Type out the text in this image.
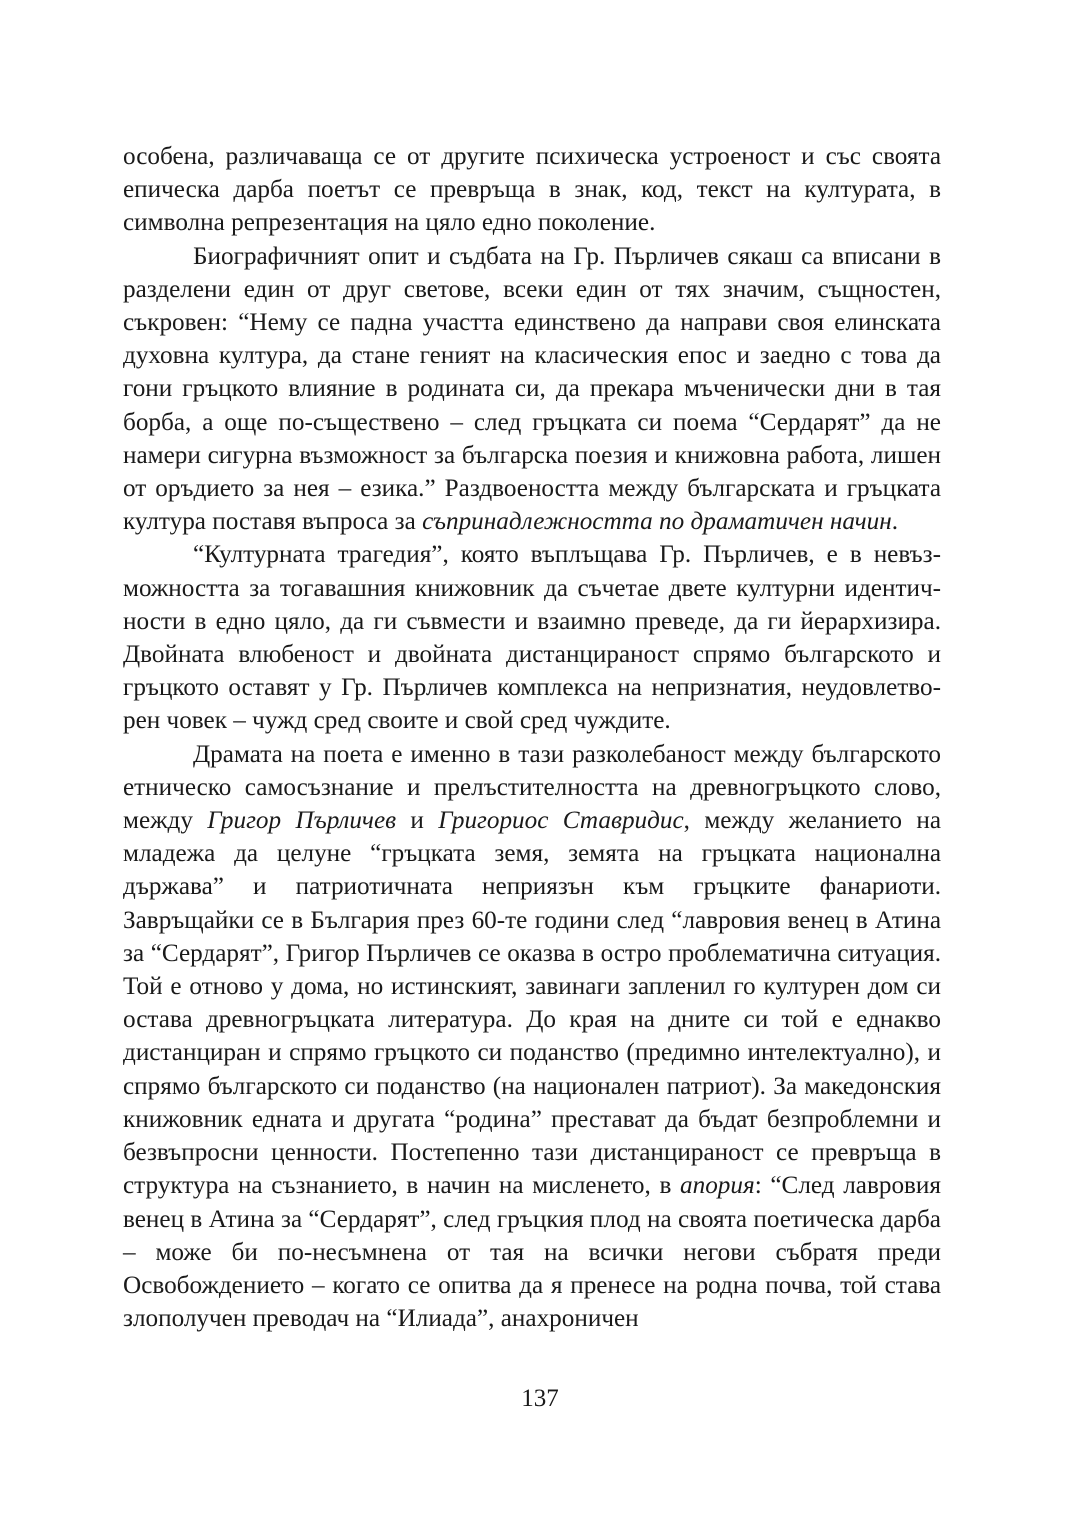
особена, различаваща се от другите психическа устроеност и със своята епическа дарба поетът се превръща в знак, код, текст на културата, в символна репрезентация на цяло едно поколение.

Биографичният опит и съдбата на Гр. Пърличев сякаш са вписани в разделени един от друг светове, всеки един от тях значим, същностен, съкровен: “Нему се падна участта единствено да направи своя елинската духовна култура, да стане геният на класическия епос и заедно с това да гони гръцкото влияние в родината си, да прекара мъченически дни в тая борба, а още по-съществено – след гръцката си поема “Сердарят” да не намери сигурна възможност за българска поезия и книжовна работа, лишен от оръдието за нея – езика.” Раздвоеността между българската и гръцката култура поставя въпроса за съпринадлежността по драматичен начин.

“Културната трагедия”, която въплъщава Гр. Пърличев, е в невъзможността за тогавашния книжовник да съчетае двете културни идентичности в едно цяло, да ги съвмести и взаимно преведе, да ги йерархизира. Двойната влюбеност и двойната дистанцираност спрямо българското и гръцкото оставят у Гр. Пърличев комплекса на непризнатия, неудовлетворен човек – чужд сред своите и свой сред чуждите.

Драмата на поета е именно в тази разколебаност между българското етническо самосъзнание и прелъстителността на древногръцкото слово, между Григор Пърличев и Григориос Ставридис, между желанието на младежа да целуне “гръцката земя, земята на гръцката национална държава” и патриотичната неприязън към гръцките фанариоти. Завръщайки се в България през 60-те години след “лавровия венец в Атина за “Сердарят”, Григор Пърличев се оказва в остро проблематична ситуация. Той е отново у дома, но истинският, завинаги запленил го културен дом си остава древногръцката литература. До края на дните си той е еднакво дистанциран и спрямо гръцкото си поданство (предимно интелектуално), и спрямо българското си поданство (на национален патриот). За македонския книжовник едната и другата “родина” престават да бъдат безпроблемни и безвъпросни ценности. Постепенно тази дистанцираност се превръща в структура на съзнанието, в начин на мисленето, в апория: “След лавровия венец в Атина за “Сердарят”, след гръцкия плод на своята поетическа дарба – може би по-несъмнена от тая на всички негови събратя преди Освобождението – когато се опитва да я пренесе на родна почва, той става злополучен преводач на “Илиада”, анахроничен

137
